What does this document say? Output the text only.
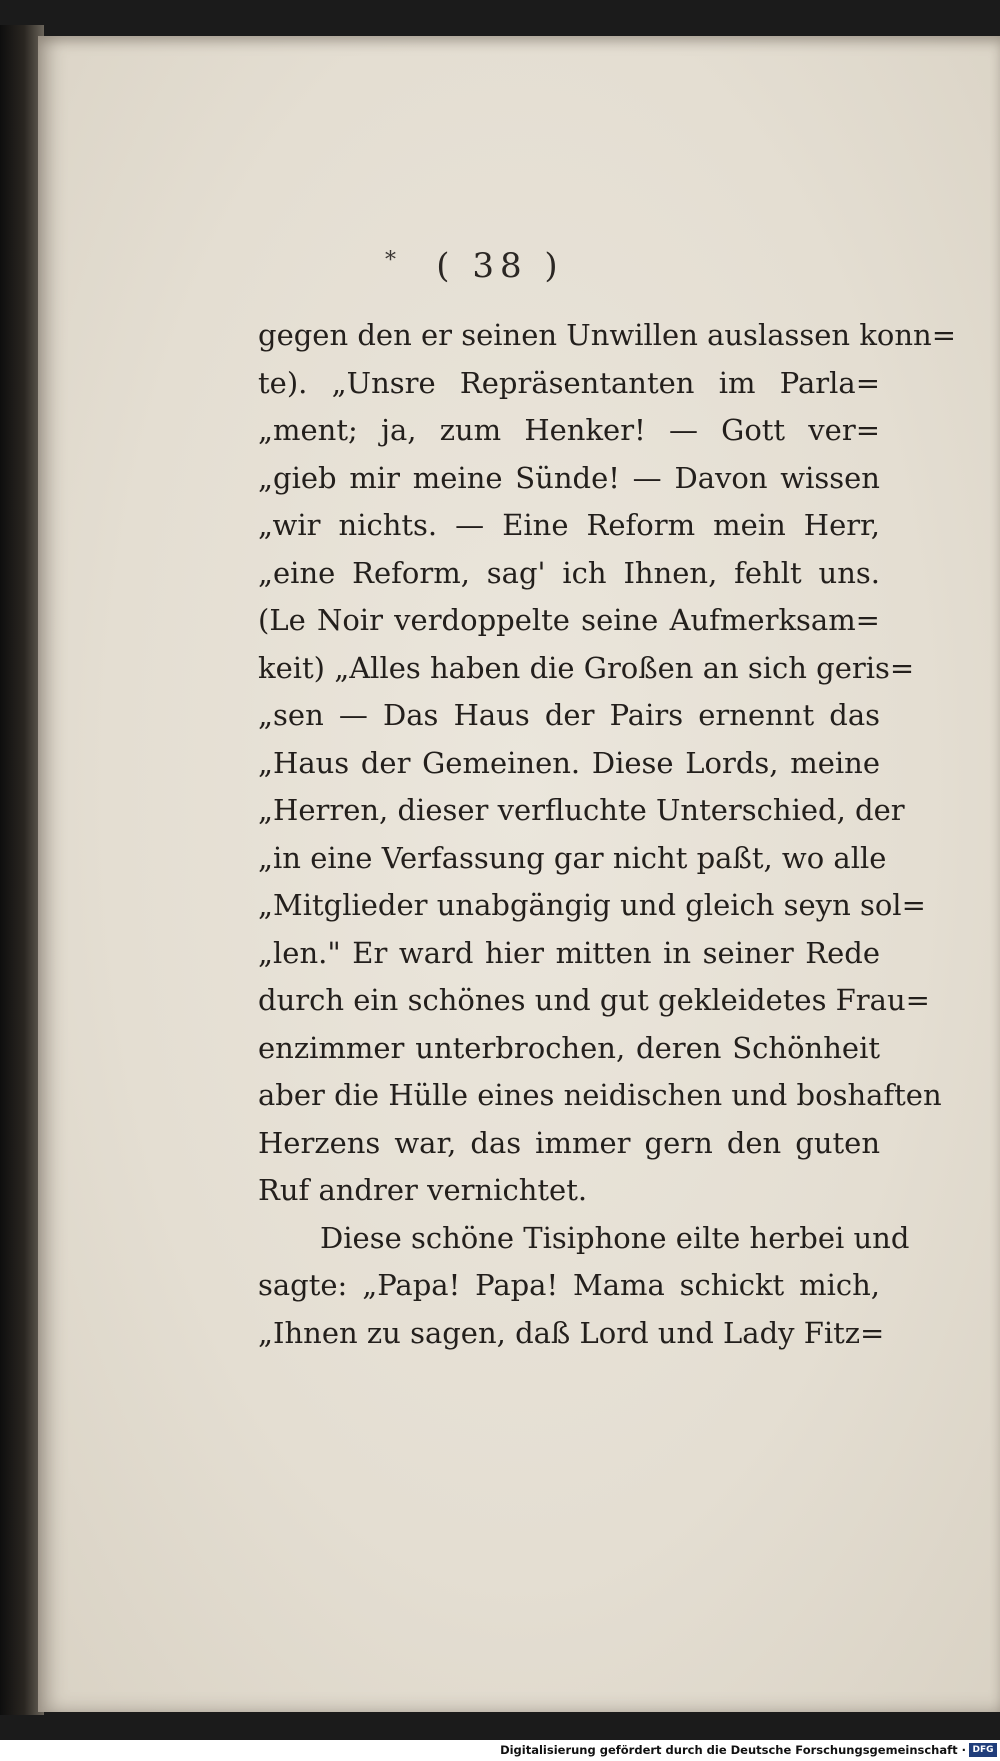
*	( 38 )
gegen den er seinen Unwillen auslassen konn=
te). „Unsre Repräsentanten im Parla=
„ment; ja, zum Henker! — Gott ver=
„gieb mir meine Sünde! — Davon wissen
„wir nichts. — Eine Reform mein Herr,
„eine Reform, sag' ich Ihnen, fehlt uns.
(Le Noir verdoppelte seine Aufmerksam=
keit) „Alles haben die Großen an sich geris=
„sen — Das Haus der Pairs ernennt das
„Haus der Gemeinen. Diese Lords, meine
„Herren, dieser verfluchte Unterschied, der
„in eine Verfassung gar nicht paßt, wo alle
„Mitglieder unabgängig und gleich seyn sol=
„len." Er ward hier mitten in seiner Rede
durch ein schönes und gut gekleidetes Frau=
enzimmer unterbrochen, deren Schönheit
aber die Hülle eines neidischen und boshaften
Herzens war, das immer gern den guten
Ruf andrer vernichtet.
Diese schöne Tisiphone eilte herbei und
sagte: „Papa! Papa! Mama schickt mich,
„Ihnen zu sagen, daß Lord und Lady Fitz=
Digitalisierung gefördert durch die Deutsche Forschungsgemeinschaft · DFG
